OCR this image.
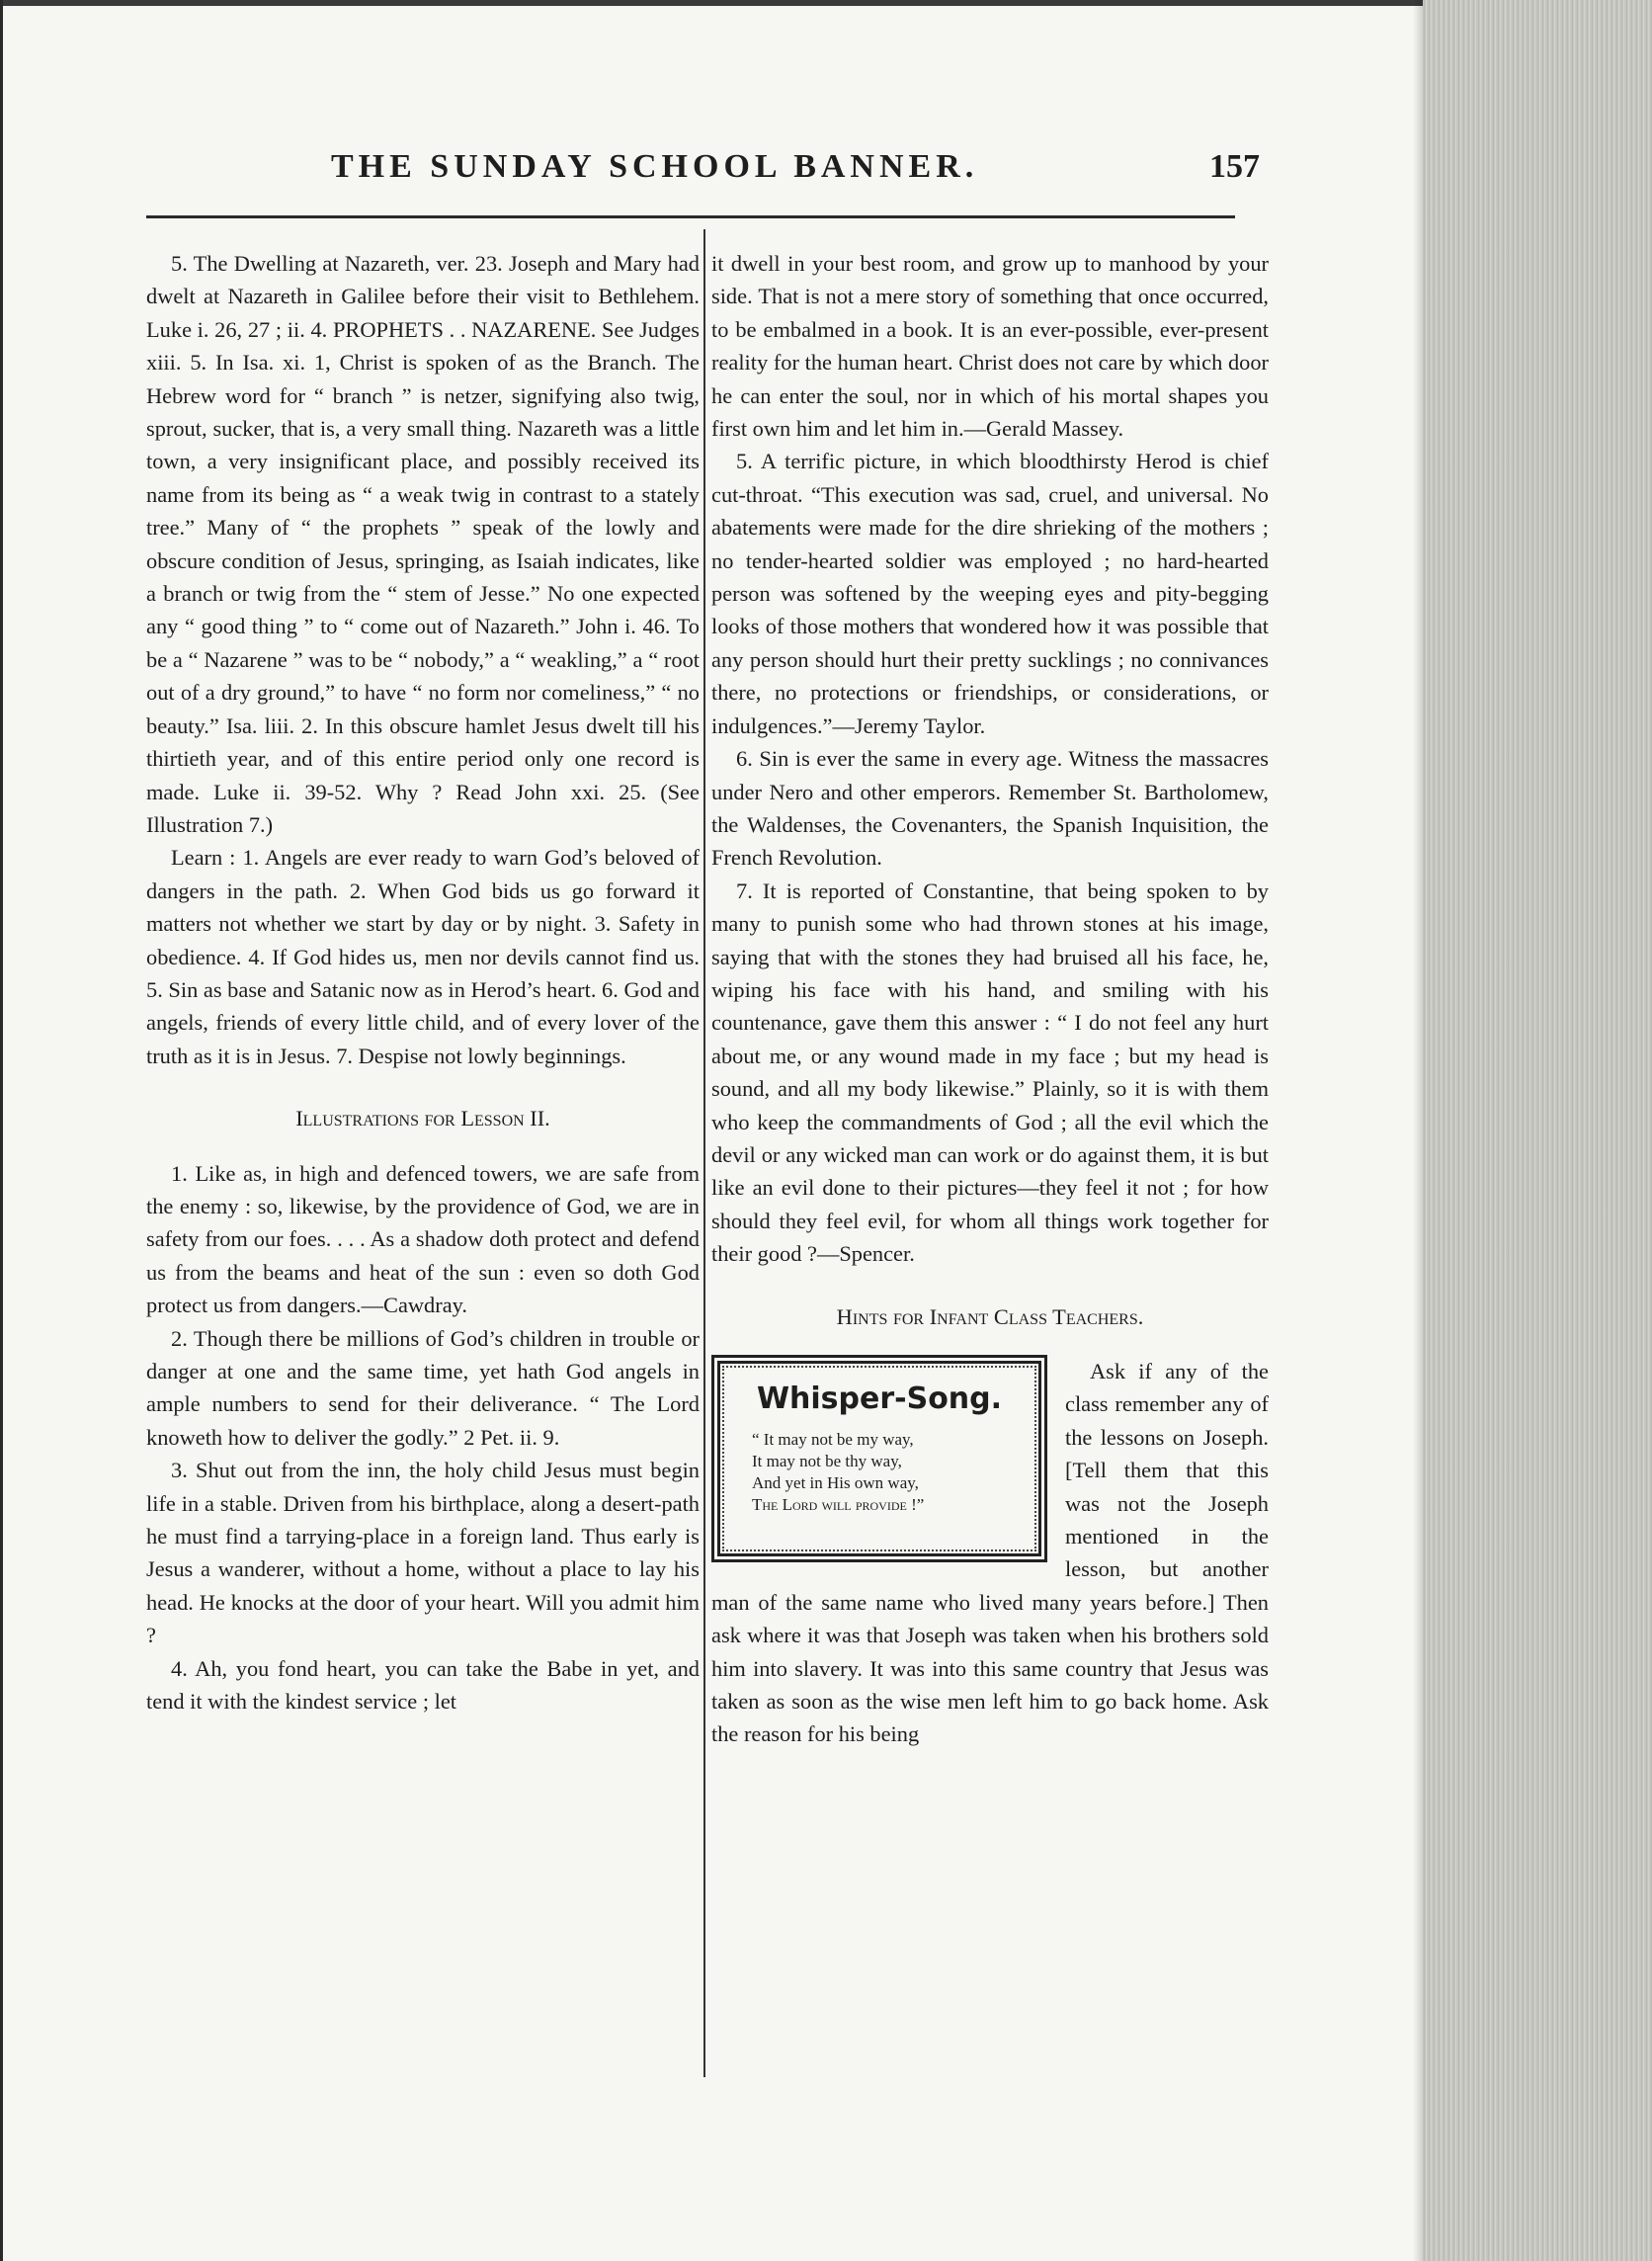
THE SUNDAY SCHOOL BANNER.	157

5. The Dwelling at Nazareth, ver. 23. Joseph and Mary had dwelt at Nazareth in Galilee before their visit to Bethlehem. Luke i. 26, 27 ; ii. 4. PROPHETS . . NAZARENE. See Judges xiii. 5. In Isa. xi. 1, Christ is spoken of as the Branch. The Hebrew word for “ branch ” is netzer, signifying also twig, sprout, sucker, that is, a very small thing. Nazareth was a little town, a very insignificant place, and possibly received its name from its being as “ a weak twig in contrast to a stately tree.” Many of “ the prophets ” speak of the lowly and obscure condition of Jesus, springing, as Isaiah indicates, like a branch or twig from the “ stem of Jesse.” No one expected any “ good thing ” to “ come out of Nazareth.” John i. 46. To be a “ Nazarene ” was to be “ nobody,” a “ weakling,” a “ root out of a dry ground,” to have “ no form nor comeliness,” “ no beauty.” Isa. liii. 2. In this obscure hamlet Jesus dwelt till his thirtieth year, and of this entire period only one record is made. Luke ii. 39-52. Why ? Read John xxi. 25. (See Illustration 7.)

Learn : 1. Angels are ever ready to warn God’s beloved of dangers in the path. 2. When God bids us go forward it matters not whether we start by day or by night. 3. Safety in obedience. 4. If God hides us, men nor devils cannot find us. 5. Sin as base and Satanic now as in Herod’s heart. 6. God and angels, friends of every little child, and of every lover of the truth as it is in Jesus. 7. Despise not lowly beginnings.

Illustrations for Lesson II.

1. Like as, in high and defenced towers, we are safe from the enemy : so, likewise, by the providence of God, we are in safety from our foes. . . . As a shadow doth protect and defend us from the beams and heat of the sun : even so doth God protect us from dangers.—Cawdray.

2. Though there be millions of God’s children in trouble or danger at one and the same time, yet hath God angels in ample numbers to send for their deliverance. “ The Lord knoweth how to deliver the godly.” 2 Pet. ii. 9.

3. Shut out from the inn, the holy child Jesus must begin life in a stable. Driven from his birthplace, along a desert-path he must find a tarrying-place in a foreign land. Thus early is Jesus a wanderer, without a home, without a place to lay his head. He knocks at the door of your heart. Will you admit him ?

4. Ah, you fond heart, you can take the Babe in yet, and tend it with the kindest service ; let

it dwell in your best room, and grow up to manhood by your side. That is not a mere story of something that once occurred, to be embalmed in a book. It is an ever-possible, ever-present reality for the human heart. Christ does not care by which door he can enter the soul, nor in which of his mortal shapes you first own him and let him in.—Gerald Massey.

5. A terrific picture, in which bloodthirsty Herod is chief cut-throat. “This execution was sad, cruel, and universal. No abatements were made for the dire shrieking of the mothers ; no tender-hearted soldier was employed ; no hard-hearted person was softened by the weeping eyes and pity-begging looks of those mothers that wondered how it was possible that any person should hurt their pretty sucklings ; no connivances there, no protections or friendships, or considerations, or indulgences.”—Jeremy Taylor.

6. Sin is ever the same in every age. Witness the massacres under Nero and other emperors. Remember St. Bartholomew, the Waldenses, the Covenanters, the Spanish Inquisition, the French Revolution.

7. It is reported of Constantine, that being spoken to by many to punish some who had thrown stones at his image, saying that with the stones they had bruised all his face, he, wiping his face with his hand, and smiling with his countenance, gave them this answer : “ I do not feel any hurt about me, or any wound made in my face ; but my head is sound, and all my body likewise.” Plainly, so it is with them who keep the commandments of God ; all the evil which the devil or any wicked man can work or do against them, it is but like an evil done to their pictures—they feel it not ; for how should they feel evil, for whom all things work together for their good ?—Spencer.

Hints for Infant Class Teachers.

Whisper-Song.
“ It may not be my way,
It may not be thy way,
And yet in His own way,
The Lord will provide !”

Ask if any of the class remember any of the lessons on Joseph. [Tell them that this was not the Joseph mentioned in the lesson, but another man of the same name who lived many years before.] Then ask where it was that Joseph was taken when his brothers sold him into slavery. It was into this same country that Jesus was taken as soon as the wise men left him to go back home. Ask the reason for his being
